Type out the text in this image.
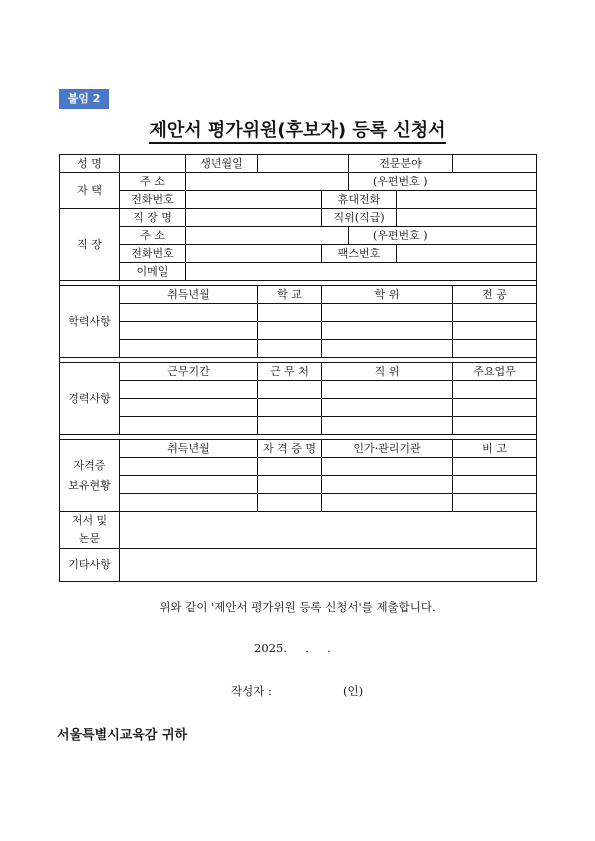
붙임 2
제안서 평가위원(후보자) 등록 신청서
성 명		생년월일			전문분야		
자 택	주 소				(우편번호 )		
	전화번호			휴대전화			
직 장	직 장 명			직위(직급)			
	주 소				(우편번호 )		
	전화번호			팩스번호			
	이메일						

학력사항	취득년월		학 교	학 위			전 공

경력사항	근무기간		근 무 처	직 위			주요업무

자격증
보유현황	취득년월		자 격 증 명	인가·관리기관			비 고

저서 및
논문							

기타사항							
위와 같이 '제안서 평가위원 등록 신청서'를 제출합니다.
2025.     .     .
작성자 :	(인)
서울특별시교육감 귀하
